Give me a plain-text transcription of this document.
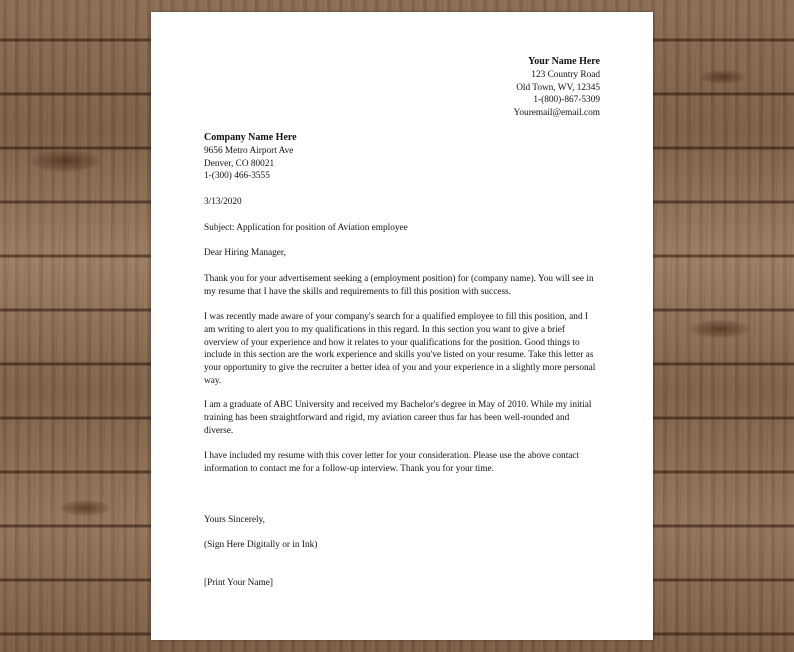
Your Name Here
123 Country Road
Old Town, WV, 12345
1-(800)-867-5309
Youremail@email.com
Company Name Here
9656 Metro Airport Ave
Denver, CO 80021
1-(300) 466-3555
3/13/2020
Subject: Application for position of Aviation employee
Dear Hiring Manager,

Thank you for your advertisement seeking a (employment position) for (company name). You will see in my resume that I have the skills and requirements to fill this position with success.

I was recently made aware of your company's search for a qualified employee to fill this position, and I am writing to alert you to my qualifications in this regard. In this section you want to give a brief overview of your experience and how it relates to your qualifications for the position. Good things to include in this section are the work experience and skills you've listed on your resume. Take this letter as your opportunity to give the recruiter a better idea of you and your experience in a slightly more personal way.

I am a graduate of ABC University and received my Bachelor's degree in May of 2010. While my initial training has been straightforward and rigid, my aviation career thus far has been well-rounded and diverse.

I have included my resume with this cover letter for your consideration. Please use the above contact information to contact me for a follow-up interview. Thank you for your time.

Yours Sincerely,
(Sign Here Digitally or in Ink)
[Print Your Name]
